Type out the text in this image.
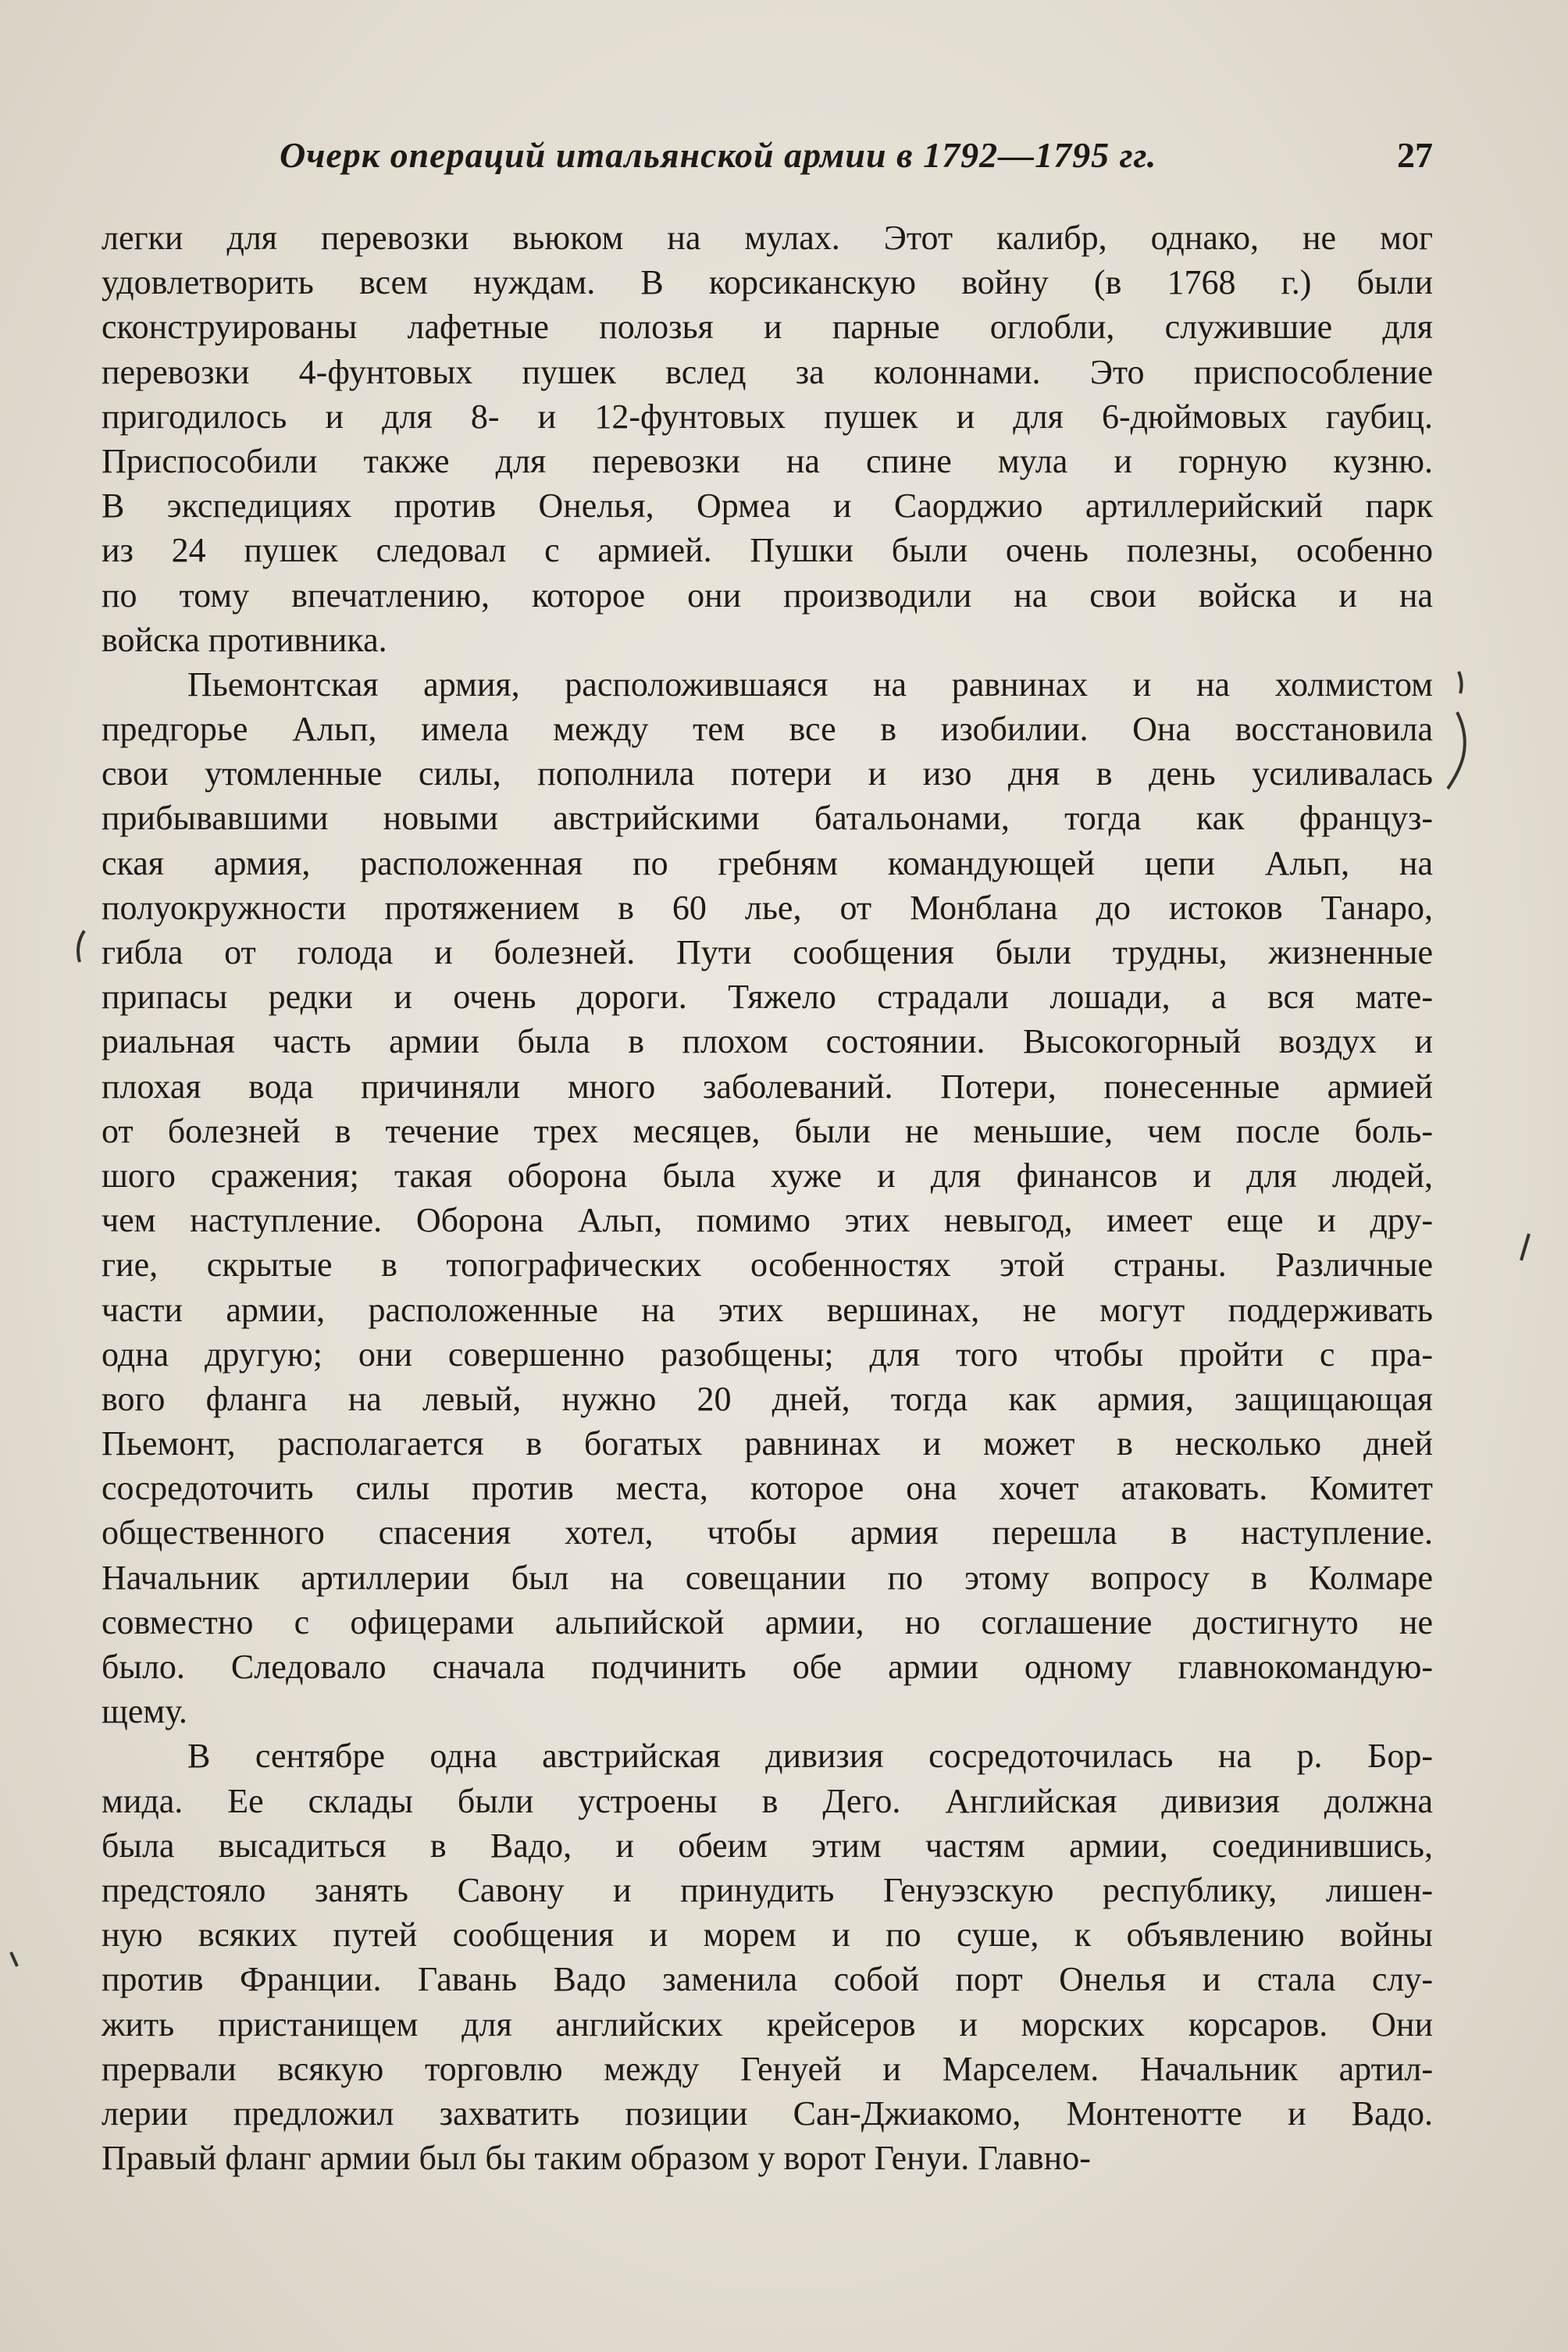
Очерк операций итальянской армии в 1792—1795 гг.	27
легки для перевозки вьюком на мулах. Этот калибр, однако, не мог
удовлетворить всем нуждам. В корсиканскую войну (в 1768 г.) были
сконструированы лафетные полозья и парные оглобли, служившие для
перевозки 4-фунтовых пушек вслед за колоннами. Это приспособление
пригодилось и для 8- и 12-фунтовых пушек и для 6-дюймовых гаубиц.
Приспособили также для перевозки на спине мула и горную кузню.
В экспедициях против Онелья, Ормеа и Саорджио артиллерийский парк
из 24 пушек следовал с армией. Пушки были очень полезны, особенно
по тому впечатлению, которое они производили на свои войска и на
войска противника.
Пьемонтская армия, расположившаяся на равнинах и на холмистом
предгорье Альп, имела между тем все в изобилии. Она восстановила
свои утомленные силы, пополнила потери и изо дня в день усиливалась
прибывавшими новыми австрийскими батальонами, тогда как француз-
ская армия, расположенная по гребням командующей цепи Альп, на
полуокружности протяжением в 60 лье, от Монблана до истоков Танаро,
гибла от голода и болезней. Пути сообщения были трудны, жизненные
припасы редки и очень дороги. Тяжело страдали лошади, а вся мате-
риальная часть армии была в плохом состоянии. Высокогорный воздух и
плохая вода причиняли много заболеваний. Потери, понесенные армией
от болезней в течение трех месяцев, были не меньшие, чем после боль-
шого сражения; такая оборона была хуже и для финансов и для людей,
чем наступление. Оборона Альп, помимо этих невыгод, имеет еще и дру-
гие, скрытые в топографических особенностях этой страны. Различные
части армии, расположенные на этих вершинах, не могут поддерживать
одна другую; они совершенно разобщены; для того чтобы пройти с пра-
вого фланга на левый, нужно 20 дней, тогда как армия, защищающая
Пьемонт, располагается в богатых равнинах и может в несколько дней
сосредоточить силы против места, которое она хочет атаковать. Комитет
общественного спасения хотел, чтобы армия перешла в наступление.
Начальник артиллерии был на совещании по этому вопросу в Колмаре
совместно с офицерами альпийской армии, но соглашение достигнуто не
было. Следовало сначала подчинить обе армии одному главнокомандую-
щему.
В сентябре одна австрийская дивизия сосредоточилась на р. Бор-
мида. Ее склады были устроены в Дего. Английская дивизия должна
была высадиться в Вадо, и обеим этим частям армии, соединившись,
предстояло занять Савону и принудить Генуэзскую республику, лишен-
ную всяких путей сообщения и морем и по суше, к объявлению войны
против Франции. Гавань Вадо заменила собой порт Онелья и стала слу-
жить пристанищем для английских крейсеров и морских корсаров. Они
прервали всякую торговлю между Генуей и Марселем. Начальник артил-
лерии предложил захватить позиции Сан-Джиакомо, Монтенотте и Вадо.
Правый фланг армии был бы таким образом у ворот Генуи. Главно-
